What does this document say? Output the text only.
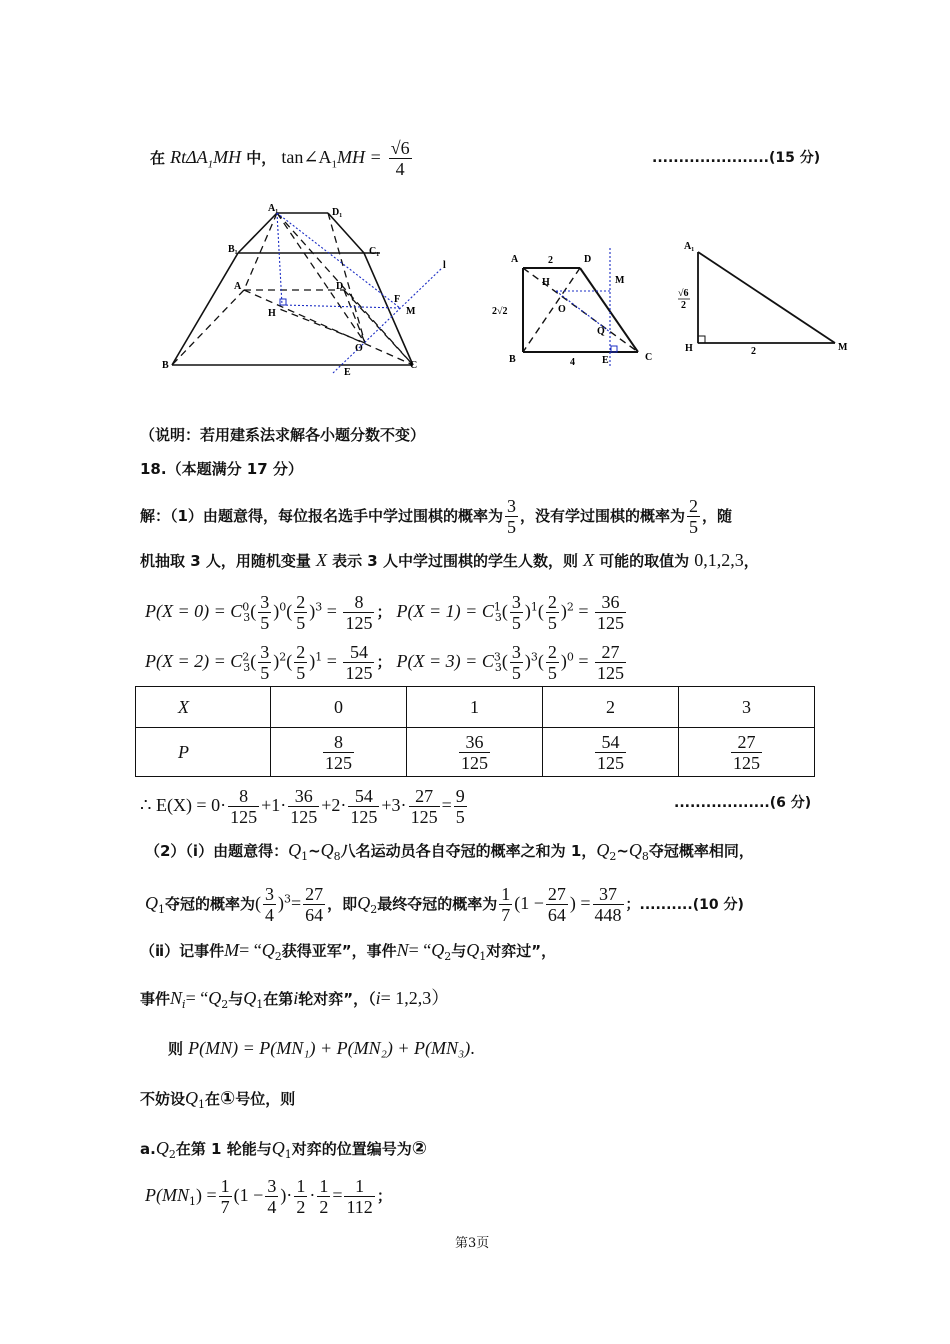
在 RtΔA$_1$MH 中， $\tan\angle A_1MH = \frac{√6}{4}$	......................(15 分)
A₁	D₁
B₁	C₁
A	D
H
F
M
l
B
O
C
E
A	2	D
M
H
O
Q
2√2
B	4	E	C
A₁
√6
2
H	2	M
（说明：若用建系法求解各小题分数不变）
18.（本题满分 17 分）
解：（1）由题意得，每位报名选手中学过围棋的概率为 $\frac{3}{5}$ ，没有学过围棋的概率为 $\frac{2}{5}$ ，随
机抽取 3 人，用随机变量 X 表示 3 人中学过围棋的学生人数，则 X 可能的取值为 0,1,2,3，
$P(X = 0) = C^0_3( \frac{3}{5} )^0( \frac{2}{5} )^3 = \frac{8}{125}$ ； $P(X = 1) = C^1_3( \frac{3}{5} )^1( \frac{2}{5} )^2 = \frac{36}{125}$
$P(X = 2) = C^2_3( \frac{3}{5} )^2( \frac{2}{5} )^1 = \frac{54}{125}$ ； $P(X = 3) = C^3_3( \frac{3}{5} )^3( \frac{2}{5} )^0 = \frac{27}{125}$
X	0	1	2	3
P	$\frac{8}{125}$	$\frac{36}{125}$	$\frac{54}{125}$	$\frac{27}{125}$
∴ $E(X) = 0\cdot \frac{8}{125} +1\cdot \frac{36}{125} +2\cdot \frac{54}{125} +3\cdot \frac{27}{125} = \frac{9}{5}$	..................(6 分)
（2）（ⅰ）由题意得：$Q_1\sim Q_8$八名运动员各自夺冠的概率之和为 1，$Q_2\sim Q_8$夺冠概率相同，
$Q_1$夺冠的概率为( $\frac{3}{4} )^3= \frac{27}{64}$ ，即$Q_2$最终夺冠的概率为 $\frac{1}{7} (1 - \frac{27}{64}$ ) = $\frac{37}{448}$ ；..........(10 分)
（ⅱ）记事件$M= “Q_2$获得亚军”，事件$N= “Q_2$与$Q_1$对弈过”，
事件$N_i=$ “$Q_2$与$Q_1$在第i轮对弈”，（i= 1,2,3）
则 P(MN) = P(MN₁) + P(MN₂) + P(MN₃).
不妨设$Q_1$在①号位，则
$a.Q_2$在第 1 轮能与$Q_1$对弈的位置编号为②
$P(MN_1) = \frac{1}{7} (1 - \frac{3}{4}$ )· $\frac{1}{2} \cdot \frac{1}{2} = \frac{1}{112}$ ；
第3页
